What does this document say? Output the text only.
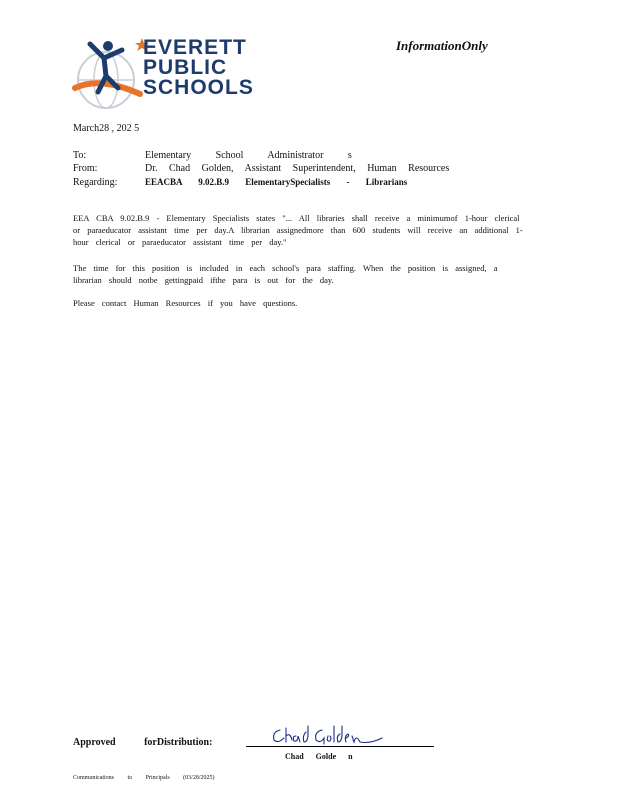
EVERETT
PUBLIC
SCHOOLS
InformationOnly
March28 , 202 5
To:	Elementary School Administrator s
From:	Dr. Chad Golden, Assistant Superintendent, Human Resources
Regarding:	EEACBA 9.02.B.9 ElementarySpecialists - Librarians
EEA CBA 9.02.B.9 - Elementary Specialists states "... All libraries shall receive a minimumof 1-hour clerical or paraeducator assistant time per day.A librarian assignedmore than 600 students will receive an additional 1-hour clerical or paraeducator assistant time per day."
The time for this position is included in each school's para staffing. When the position is assigned, a librarian should notbe gettingpaid ifthe para is out for the day.
Please contact Human Resources if you have questions.
Approved forDistribution:
Chad Golde n
Communications to Principals (03/28/2025)
